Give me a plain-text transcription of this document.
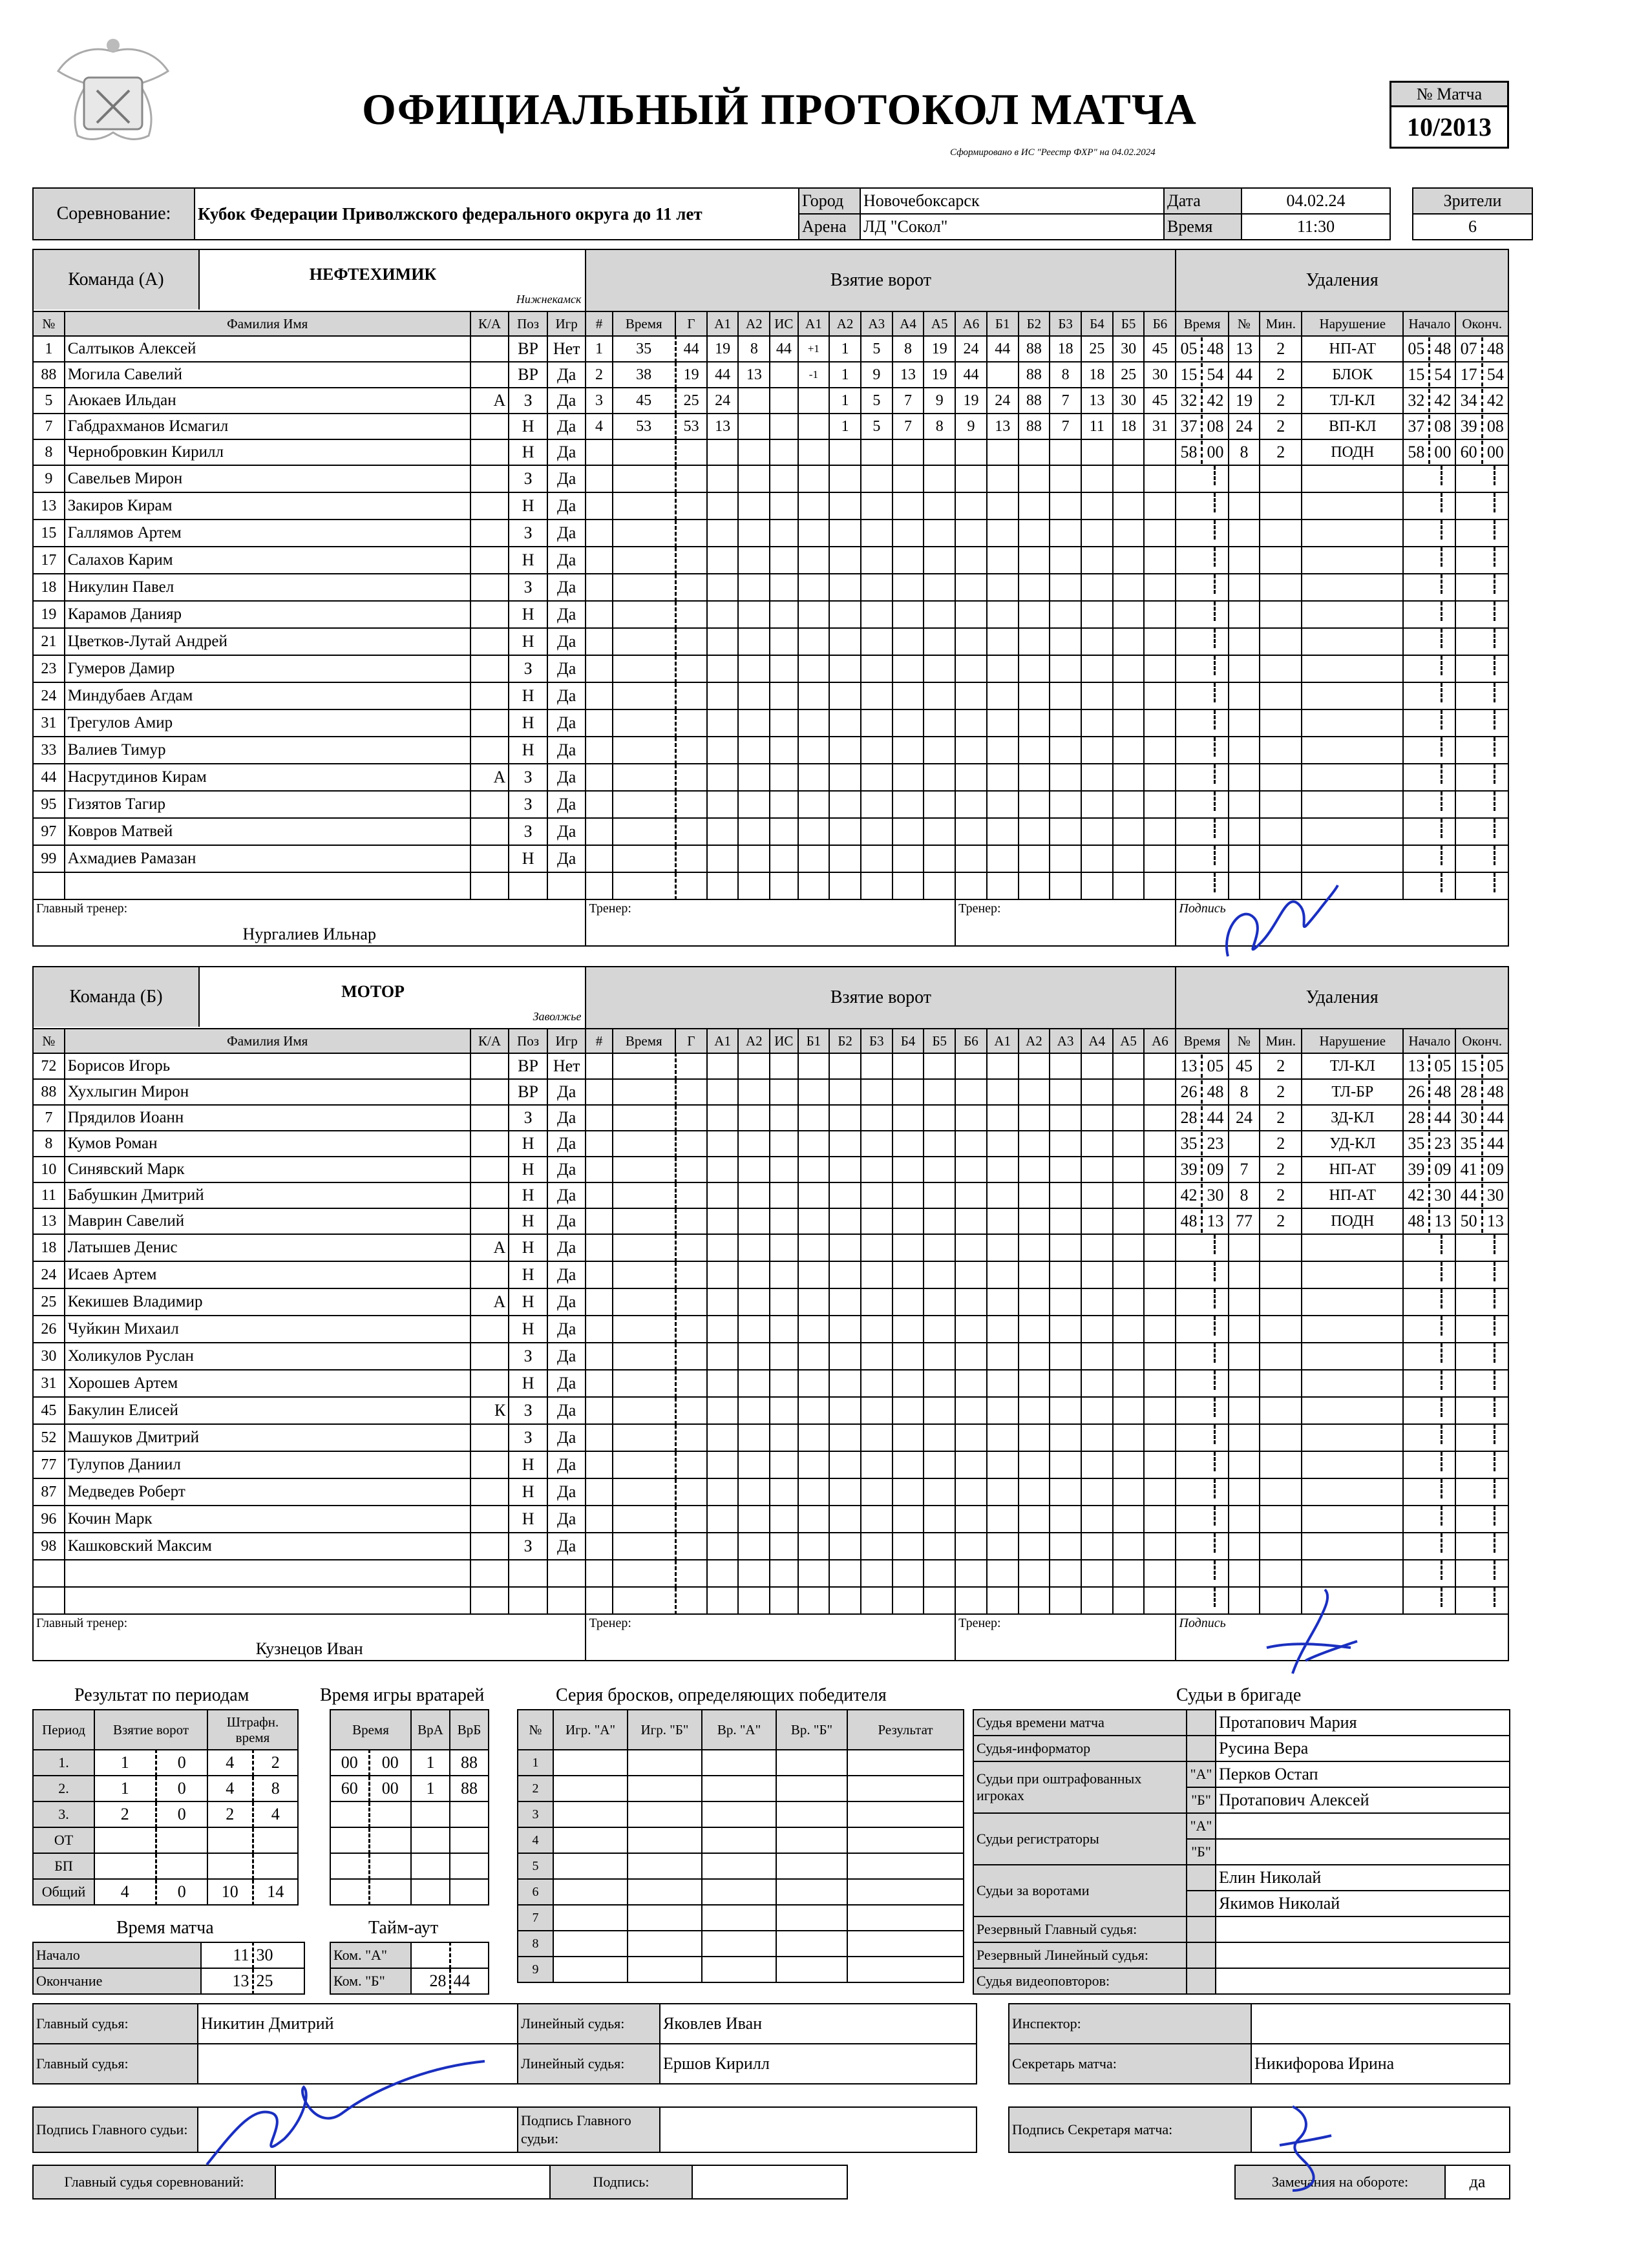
ОФИЦИАЛЬНЫЙ ПРОТОКОЛ МАТЧА
Сформировано в ИС "Реестр ФХР" на 04.02.2024
№ Матча
10/2013
Соревнование:	Кубок Федерации Приволжского федерального округа до 11 лет	Город	Новочебоксарск	Дата	04.02.24		Зрители
		Арена	ЛД "Сокол"	Время	11:30		6
Команда (А) НЕФТЕХИМИК
Нижнекамск					Взятие ворот																		Удаления					
№	Фамилия Имя	К/А	Поз	Игр	#	Время	Г	А1	А2	ИС	А1	А2	А3	А4	А5	А6	Б1	Б2	Б3	Б4	Б5	Б6	Время	№	Мин.	Нарушение	Начало	Оконч.
1	Салтыков Алексей		ВР	Нет	1	35	44	19	8	44	+1	1	5	8	19	24	44	88	18	25	30	45	05 48	13	2	НП-АТ	05 48	07 48
88	Могила Савелий		ВР	Да	2	38	19	44	13		-1	1	9	13	19	44		88	8	18	25	30	15 54	44	2	БЛОК	15 54	17 54
5	Аюкаев Ильдан	А	З	Да	3	45	25	24				1	5	7	9	19	24	88	7	13	30	45	32 42	19	2	ТЛ-КЛ	32 42	34 42
7	Габдрахманов Исмагил		Н	Да	4	53	53	13				1	5	7	8	9	13	88	7	11	18	31	37 08	24	2	ВП-КЛ	37 08	39 08
8	Чернобровкин Кирилл		Н	Да																			58 00	8	2	ПОДН	58 00	60 00
9	Савельев Мирон		З	Да																								
13	Закиров Кирам		Н	Да																								
15	Галлямов Артем		З	Да																								
17	Салахов Карим		Н	Да																								
18	Никулин Павел		З	Да																								
19	Карамов Данияр		Н	Да																								
21	Цветков-Лутай Андрей		Н	Да																								
23	Гумеров Дамир		З	Да																								
24	Миндубаев Агдам		Н	Да																								
31	Трегулов Амир		Н	Да																								
33	Валиев Тимур		Н	Да																								
44	Насрутдинов Кирам	А	З	Да																								
95	Гизятов Тагир		З	Да																								
97	Ковров Матвей		З	Да																								
99	Ахмадиев Рамазан		Н	Да																								

Главный тренер:
Нургалиев Ильнар					Тренер:											Тренер:							Подпись					
Команда (Б) МОТОР
Заволжье					Взятие ворот																		Удаления					
№	Фамилия Имя	К/А	Поз	Игр	#	Время	Г	А1	А2	ИС	Б1	Б2	Б3	Б4	Б5	Б6	А1	А2	А3	А4	А5	А6	Время	№	Мин.	Нарушение	Начало	Оконч.
72	Борисов Игорь		ВР	Нет																			13 05	45	2	ТЛ-КЛ	13 05	15 05
88	Хухлыгин Мирон		ВР	Да																			26 48	8	2	ТЛ-БР	26 48	28 48
7	Прядилов Иоанн		З	Да																			28 44	24	2	ЗД-КЛ	28 44	30 44
8	Кумов Роман		Н	Да																			35 23		2	УД-КЛ	35 23	35 44
10	Синявский Марк		Н	Да																			39 09	7	2	НП-АТ	39 09	41 09
11	Бабушкин Дмитрий		Н	Да																			42 30	8	2	НП-АТ	42 30	44 30
13	Маврин Савелий		Н	Да																			48 13	77	2	ПОДН	48 13	50 13
18	Латышев Денис	А	Н	Да																								
24	Исаев Артем		Н	Да																								
25	Кекишев Владимир	А	Н	Да																								
26	Чуйкин Михаил		Н	Да																								
30	Холикулов Руслан		З	Да																								
31	Хорошев Артем		Н	Да																								
45	Бакулин Елисей	К	З	Да																								
52	Машуков Дмитрий		З	Да																								
77	Тулупов Даниил		Н	Да																								
87	Медведев Роберт		Н	Да																								
96	Кочин Марк		Н	Да																								
98	Кашковский Максим		З	Да																								

Главный тренер:
Кузнецов Иван					Тренер:											Тренер:							Подпись					
Результат по периодам
Период	Взятие ворот		Штрафн. время	
1.	1	0	4	2
2.	1	0	4	8
3.	2	0	2	4
ОТ				
БП				
Общий	4	0	10	14
Время матча
Начало	11	30
Окончание	13	25
Время игры вратарей
Время		ВрА	ВрБ
00	00	1	88
60	00	1	88

Тайм-аут
Ком. "А"		
Ком. "Б"	28	44
Серия бросков, определяющих победителя
№	Игр. "А"	Игр. "Б"	Вр. "А"	Вр. "Б"	Результат
1					
2					
3					
4					
5					
6					
7					
8					
9					
Судьи в бригаде
Судья времени матча		Протапович Мария
Судья-информатор		Русина Вера
Судьи при оштрафованных игроках	"А"	Перков Остап
	"Б"	Протапович Алексей
Судьи регистраторы	"А"	
	"Б"	
Судьи за воротами		Елин Николай
		Якимов Николай
Резервный Главный судья:		
Резервный Линейный судья:		
Судья видеоповторов:		
Главный судья:	Никитин Дмитрий	Линейный судья:	Яковлев Иван		Инспектор:	
Главный судья:		Линейный судья:	Ершов Кирилл		Секретарь матча:	Никифорова Ирина
Подпись Главного судьи:		Подпись Главного судьи:			Подпись Секретаря матча:	
Главный судья соревнований:		Подпись:			Замечания на обороте:	да
